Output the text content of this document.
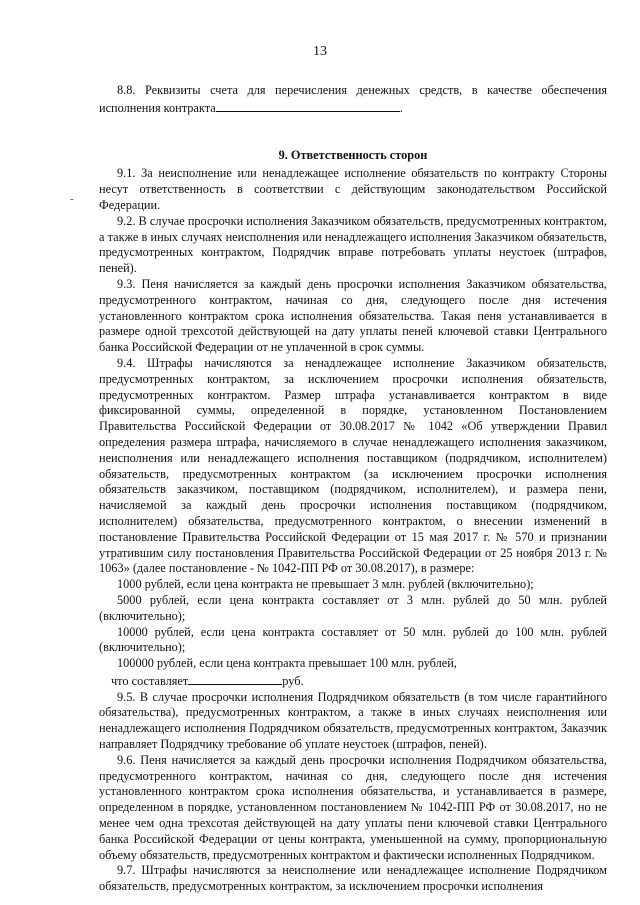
13
-

8.8. Реквизиты счета для перечисления денежных средств, в качестве обеспечения исполнения контракта	.

9. Ответственность сторон

9.1. За неисполнение или ненадлежащее исполнение обязательств по контракту Стороны несут ответственность в соответствии с действующим законодательством Российской Федерации.

9.2. В случае просрочки исполнения Заказчиком обязательств, предусмотренных контрактом, а также в иных случаях неисполнения или ненадлежащего исполнения Заказчиком обязательств, предусмотренных контрактом, Подрядчик вправе потребовать уплаты неустоек (штрафов, пеней).

9.3. Пеня начисляется за каждый день просрочки исполнения Заказчиком обязательства, предусмотренного контрактом, начиная со дня, следующего после дня истечения установленного контрактом срока исполнения обязательства. Такая пеня устанавливается в размере одной трехсотой действующей на дату уплаты пеней ключевой ставки Центрального банка Российской Федерации от не уплаченной в срок суммы.

9.4. Штрафы начисляются за ненадлежащее исполнение Заказчиком обязательств, предусмотренных контрактом, за исключением просрочки исполнения обязательств, предусмотренных контрактом. Размер штрафа устанавливается контрактом в виде фиксированной суммы, определенной в порядке, установленном Постановлением Правительства Российской Федерации от 30.08.2017 № 1042 «Об утверждении Правил определения размера штрафа, начисляемого в случае ненадлежащего исполнения заказчиком, неисполнения или ненадлежащего исполнения поставщиком (подрядчиком, исполнителем) обязательств, предусмотренных контрактом (за исключением просрочки исполнения обязательств заказчиком, поставщиком (подрядчиком, исполнителем), и размера пени, начисляемой за каждый день просрочки исполнения поставщиком (подрядчиком, исполнителем) обязательства, предусмотренного контрактом, о внесении изменений в постановление Правительства Российской Федерации от 15 мая 2017 г. № 570 и признании утратившим силу постановления Правительства Российской Федерации от 25 ноября 2013 г. № 1063» (далее постановление - № 1042-ПП РФ от 30.08.2017), в размере:

1000 рублей, если цена контракта не превышает 3 млн. рублей (включительно);

5000 рублей, если цена контракта составляет от 3 млн. рублей до 50 млн. рублей (включительно);

10000 рублей, если цена контракта составляет от 50 млн. рублей до 100 млн. рублей (включительно);

100000 рублей, если цена контракта превышает 100 млн. рублей,

что составляет	руб.

9.5. В случае просрочки исполнения Подрядчиком обязательств (в том числе гарантийного обязательства), предусмотренных контрактом, а также в иных случаях неисполнения или ненадлежащего исполнения Подрядчиком обязательств, предусмотренных контрактом, Заказчик направляет Подрядчику требование об уплате неустоек (штрафов, пеней).

9.6. Пеня начисляется за каждый день просрочки исполнения Подрядчиком обязательства, предусмотренного контрактом, начиная со дня, следующего после дня истечения установленного контрактом срока исполнения обязательства, и устанавливается в размере, определенном в порядке, установленном постановлением № 1042-ПП РФ от 30.08.2017, но не менее чем одна трехсотая действующей на дату уплаты пени ключевой ставки Центрального банка Российской Федерации от цены контракта, уменьшенной на сумму, пропорциональную объему обязательств, предусмотренных контрактом и фактически исполненных Подрядчиком.

9.7. Штрафы начисляются за неисполнение или ненадлежащее исполнение Подрядчиком обязательств, предусмотренных контрактом, за исключением просрочки исполнения
